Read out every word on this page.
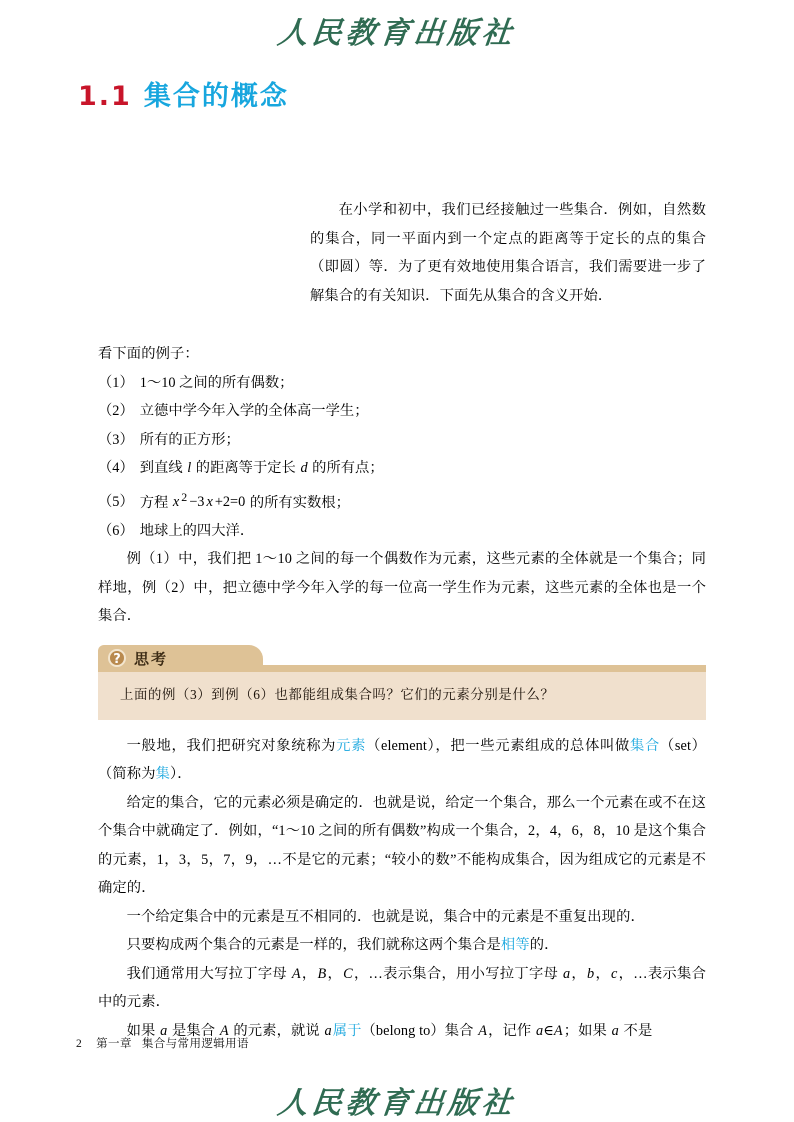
人民教育出版社
1.1 集合的概念

在小学和初中，我们已经接触过一些集合．例如，自然数的集合，同一平面内到一个定点的距离等于定长的点的集合（即圆）等．为了更有效地使用集合语言，我们需要进一步了解集合的有关知识．下面先从集合的含义开始．

看下面的例子：

（1） 1～10 之间的所有偶数；
（2） 立德中学今年入学的全体高一学生；
（3） 所有的正方形；
（4） 到直线 l 的距离等于定长 d 的所有点；
（5） 方程 x $^2$ −3 x +2=0 的所有实数根；
（6） 地球上的四大洋．

例（1）中，我们把 1～10 之间的每一个偶数作为元素，这些元素的全体就是一个集合；同样地，例（2）中，把立德中学今年入学的每一位高一学生作为元素，这些元素的全体也是一个集合．

? 思考

上面的例（3）到例（6）也都能组成集合吗？它们的元素分别是什么？

一般地，我们把研究对象统称为元素（element），把一些元素组成的总体叫做集合（set）（简称为集）．

给定的集合，它的元素必须是确定的．也就是说，给定一个集合，那么一个元素在或不在这个集合中就确定了．例如，“1～10 之间的所有偶数”构成一个集合，2，4，6，8，10 是这个集合的元素，1，3，5，7，9，…不是它的元素；“较小的数”不能构成集合，因为组成它的元素是不确定的．

一个给定集合中的元素是互不相同的．也就是说，集合中的元素是不重复出现的．

只要构成两个集合的元素是一样的，我们就称这两个集合是相等的．

我们通常用大写拉丁字母 A，B，C，…表示集合，用小写拉丁字母 a，b，c，…表示集合中的元素．

如果 a 是集合 A 的元素，就说 a属于（belong to）集合 A，记作 a∈A；如果 a 不是

2 第一章 集合与常用逻辑用语
人民教育出版社
